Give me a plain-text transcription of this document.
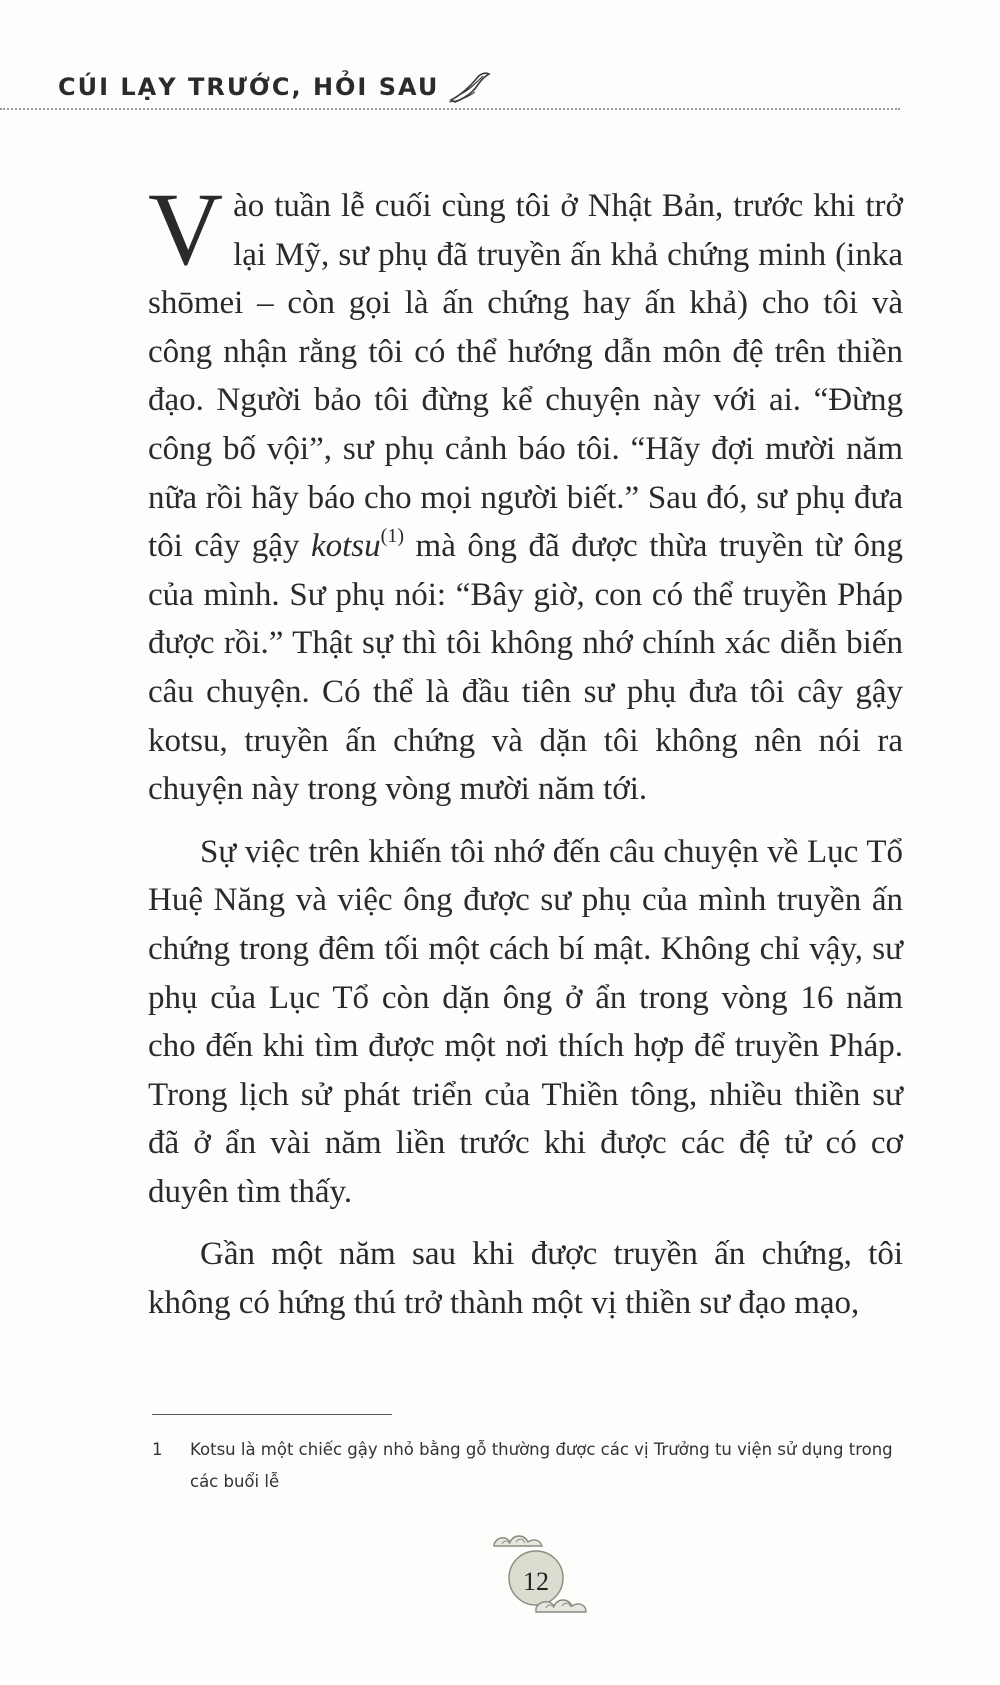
CÚI LẠY TRƯỚC, HỎI SAU

Vào tuần lễ cuối cùng tôi ở Nhật Bản, trước khi trở lại Mỹ, sư phụ đã truyền ấn khả chứng minh (inka shōmei – còn gọi là ấn chứng hay ấn khả) cho tôi và công nhận rằng tôi có thể hướng dẫn môn đệ trên thiền đạo. Người bảo tôi đừng kể chuyện này với ai. “Đừng công bố vội”, sư phụ cảnh báo tôi. “Hãy đợi mười năm nữa rồi hãy báo cho mọi người biết.” Sau đó, sư phụ đưa tôi cây gậy kotsu$^{(1)}$ mà ông đã được thừa truyền từ ông của mình. Sư phụ nói: “Bây giờ, con có thể truyền Pháp được rồi.” Thật sự thì tôi không nhớ chính xác diễn biến câu chuyện. Có thể là đầu tiên sư phụ đưa tôi cây gậy kotsu, truyền ấn chứng và dặn tôi không nên nói ra chuyện này trong vòng mười năm tới.

Sự việc trên khiến tôi nhớ đến câu chuyện về Lục Tổ Huệ Năng và việc ông được sư phụ của mình truyền ấn chứng trong đêm tối một cách bí mật. Không chỉ vậy, sư phụ của Lục Tổ còn dặn ông ở ẩn trong vòng 16 năm cho đến khi tìm được một nơi thích hợp để truyền Pháp. Trong lịch sử phát triển của Thiền tông, nhiều thiền sư đã ở ẩn vài năm liền trước khi được các đệ tử có cơ duyên tìm thấy.

Gần một năm sau khi được truyền ấn chứng, tôi không có hứng thú trở thành một vị thiền sư đạo mạo,

1	Kotsu là một chiếc gậy nhỏ bằng gỗ thường được các vị Trưởng tu viện sử dụng trong các buổi lễ
12
